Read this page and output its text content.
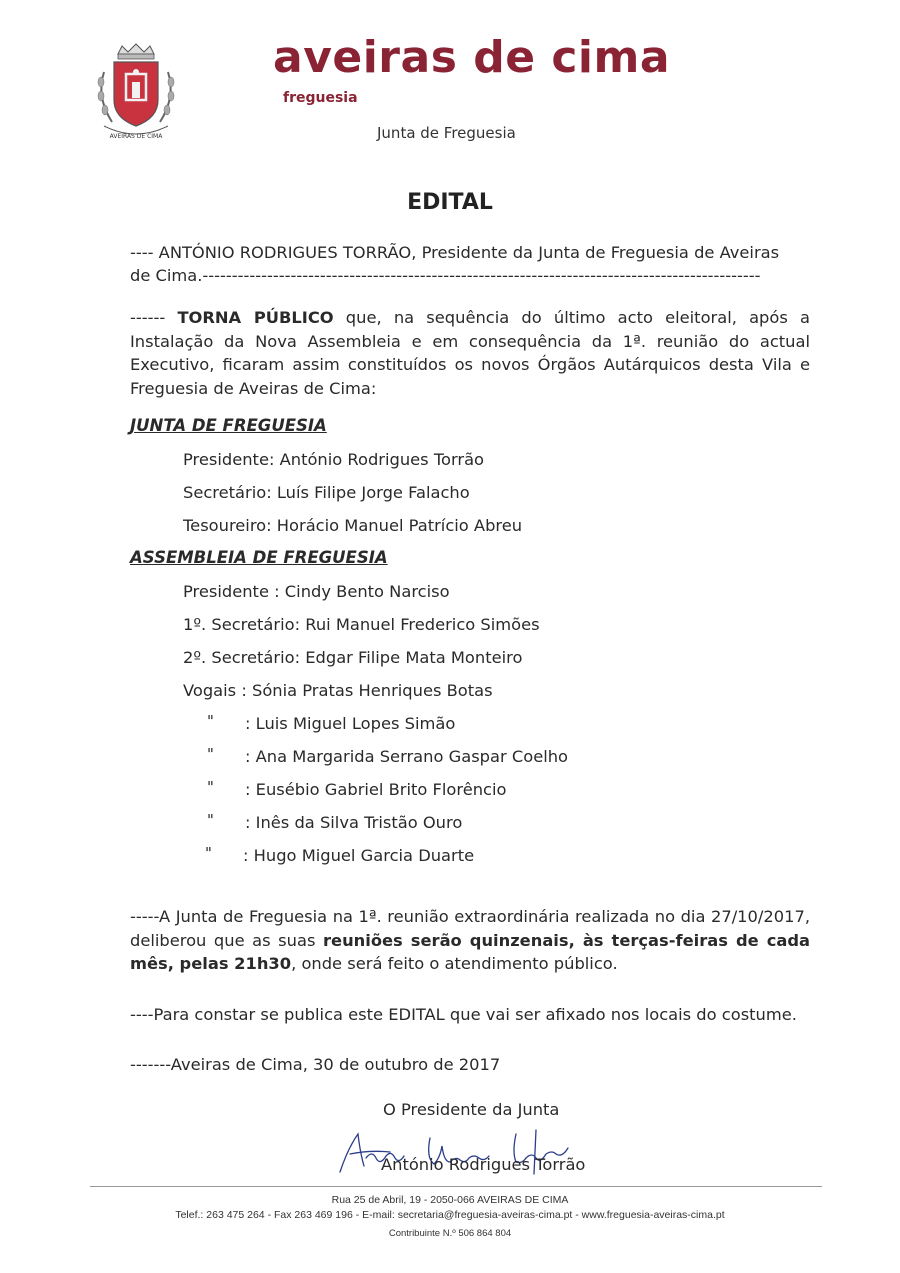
AVEIRAS DE CIMA
aveiras de cima
freguesia
Junta de Freguesia
EDITAL
---- ANTÓNIO RODRIGUES TORRÃO, Presidente da Junta de Freguesia de Aveiras
de Cima.-----------------------------------------------------------------------------------------------
------ TORNA PÚBLICO que, na sequência do último acto eleitoral, após a Instalação da Nova Assembleia e em consequência da 1ª. reunião do actual Executivo, ficaram assim constituídos os novos Órgãos Autárquicos desta Vila e Freguesia de Aveiras de Cima:
JUNTA DE FREGUESIA
Presidente: António Rodrigues Torrão
Secretário: Luís Filipe Jorge Falacho
Tesoureiro: Horácio Manuel Patrício Abreu
ASSEMBLEIA DE FREGUESIA
Presidente : Cindy Bento Narciso
1º. Secretário: Rui Manuel Frederico Simões
2º. Secretário: Edgar Filipe Mata Monteiro
Vogais : Sónia Pratas Henriques Botas
" : Luis Miguel Lopes Simão
" : Ana Margarida Serrano Gaspar Coelho
" : Eusébio Gabriel Brito Florêncio
" : Inês da Silva Tristão Ouro
" : Hugo Miguel Garcia Duarte
-----A Junta de Freguesia na 1ª. reunião extraordinária realizada no dia 27/10/2017, deliberou que as suas reuniões serão quinzenais, às terças-feiras de cada mês, pelas 21h30, onde será feito o atendimento público.
----Para constar se publica este EDITAL que vai ser afixado nos locais do costume.
-------Aveiras de Cima, 30 de outubro de 2017
O Presidente da Junta
António Rodrigues Torrão
Rua 25 de Abril, 19 - 2050-066 AVEIRAS DE CIMA
Telef.: 263 475 264 - Fax 263 469 196 - E-mail: secretaria@freguesia-aveiras-cima.pt - www.freguesia-aveiras-cima.pt
Contribuinte N.º 506 864 804
